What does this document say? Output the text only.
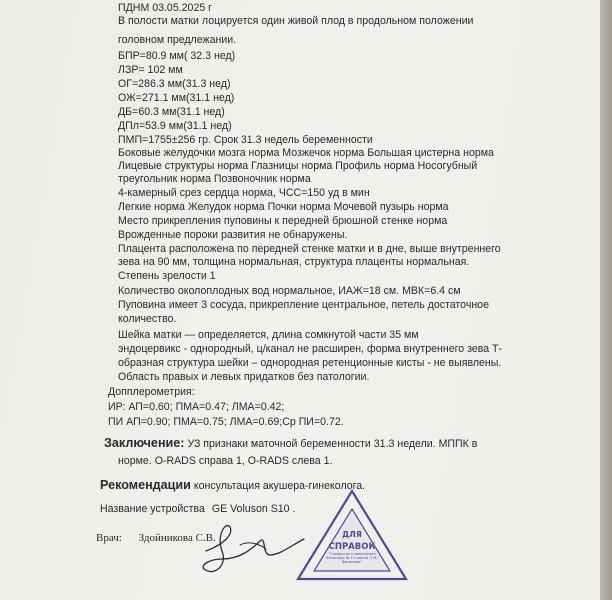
ПДНМ 03.05.2025 г
В полости матки лоцируется один живой плод в продольном положении
головном предлежании.
БПР=80.9 мм( 32.3 нед)
ЛЗР= 102 мм
ОГ=286.3 мм(31.3 нед)
ОЖ=271.1 мм(31.1 нед)
ДБ=60.3 мм(31.1 нед)
ДПл=53.9 мм(31.1 нед)
ПМП=1755±256 гр. Срок 31.3 недель беременности
Боковые желудочки мозга норма Мозжечок норма Большая цистерна норма
Лицевые структуры норма Глазницы норма Профиль норма Носогубный
треугольник норма Позвоночник норма
4-камерный срез сердца норма, ЧСС=150 уд в мин
Легкие норма Желудок норма Почки норма Мочевой пузырь норма
Место прикрепления пуповины к передней брюшной стенке норма
Врожденные пороки развития не обнаружены.
Плацента расположена по передней стенке матки и в дне, выше внутреннего
зева на 90 мм, толщина нормальная, структура плаценты нормальная.
Степень зрелости 1
Количество околоплодных вод нормальное, ИАЖ=18 см. МВК=6.4 см
Пуповина имеет 3 сосуда, прикрепление центральное, петель достаточное
количество.
Шейка матки — определяется, длина сомкнутой части 35 мм
эндоцервикс - однородный, ц/канал не расширен, форма внутреннего зева Т-
образная структура шейки – однородная ретенционные кисты - не выявлены.
Область правых и левых придатков без патологии.
Допплерометрия:
ИР: АП=0.60; ПМА=0.47; ЛМА=0.42;
ПИ АП=0.90; ПМА=0.75; ЛМА=0.69;Ср ПИ=0.72.
Заключение: УЗ признаки маточной беременности 31.3 недели. МППК в
норме. O-RADS справа 1, O-RADS слева 1.
Рекомендации консультация акушера-гинеколога.
Название устройства GE Voluson S10 .
Врач: Здойникова С.В.	ДЛЯ
СПРАВОК
"Городская клиническая больница № 15 имени О.М. Филатова"
